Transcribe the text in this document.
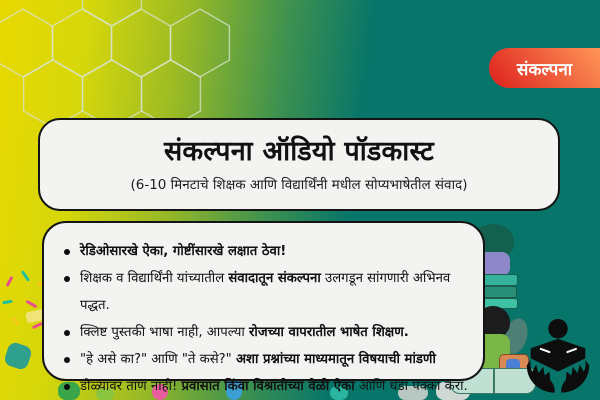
संकल्पना
संकल्पना ऑडियो पॉडकास्ट

(6-10 मिनटाचे शिक्षक आणि विद्यार्थिंनी मधील सोप्यभाषेतील संवाद)

रेडिओसारखे ऐका, गोष्टींसारखे लक्षात ठेवा!
शिक्षक व विद्यार्थिंनी यांच्यातील संवादातून संकल्पना उलगडून सांगणारी अभिनव पद्धत.
क्लिष्ट पुस्तकी भाषा नाही, आपल्या रोजच्या वापरातील भाषेत शिक्षण.
"हे असे का?" आणि "ते कसे?" अशा प्रश्नांच्या माध्यमातून विषयाची मांडणी
डोळ्यांवर ताण नाही! प्रवासात किंवा विश्रांतीच्या वेळी ऐका आणि धडा पक्का करा.
